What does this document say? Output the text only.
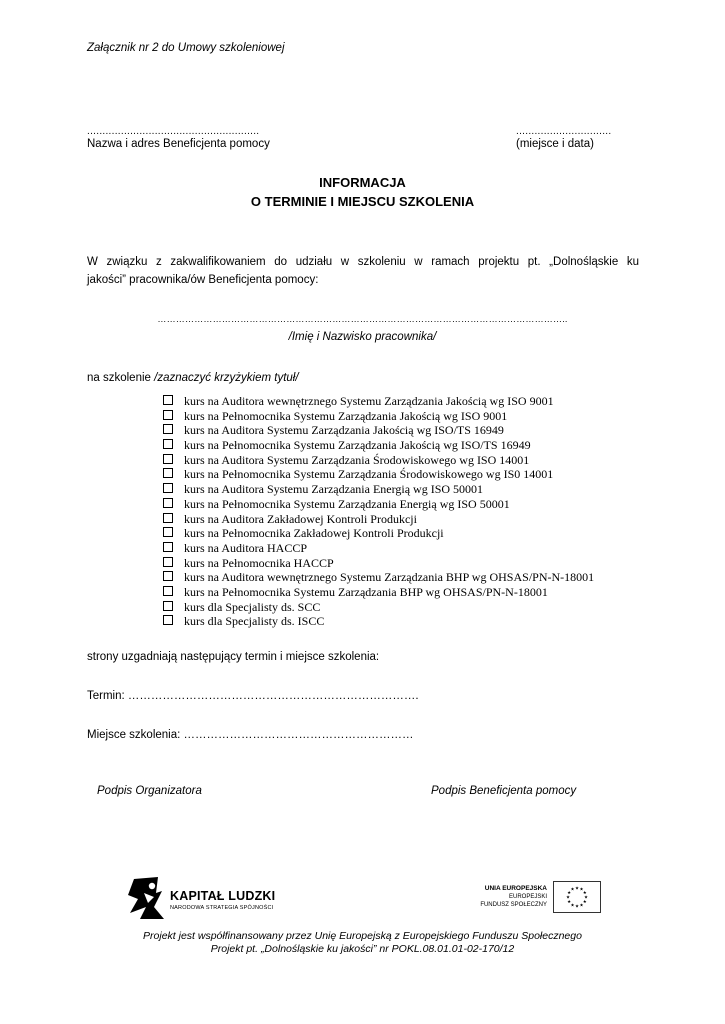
Załącznik nr 2 do Umowy szkoleniowej
........................................................	...............................
Nazwa i adres Beneficjenta pomocy	(miejsce i data)
INFORMACJA
O TERMINIE I MIEJSCU SZKOLENIA
W związku z zakwalifikowaniem do udziału w szkoleniu w ramach projektu pt. „Dolnośląskie ku
jakości” pracownika/ów Beneficjenta pomocy:
……………………………………………………………………………………………………………………..
/Imię i Nazwisko pracownika/
na szkolenie /zaznaczyć krzyżykiem tytuł/
kurs na Auditora wewnętrznego Systemu Zarządzania Jakością wg ISO 9001
kurs na Pełnomocnika Systemu Zarządzania Jakością wg ISO 9001
kurs na Auditora Systemu Zarządzania Jakością wg ISO/TS 16949
kurs na Pełnomocnika Systemu Zarządzania Jakością wg ISO/TS 16949
kurs na Auditora Systemu Zarządzania Środowiskowego wg ISO 14001
kurs na Pełnomocnika Systemu Zarządzania Środowiskowego wg IS0 14001
kurs na Auditora Systemu Zarządzania Energią wg ISO 50001
kurs na Pełnomocnika Systemu Zarządzania Energią wg ISO 50001
kurs na Auditora Zakładowej Kontroli Produkcji
kurs na Pełnomocnika Zakładowej Kontroli Produkcji
kurs na Auditora HACCP
kurs na Pełnomocnika HACCP
kurs na Auditora wewnętrznego Systemu Zarządzania BHP wg OHSAS/PN-N-18001
kurs na Pełnomocnika Systemu Zarządzania BHP wg OHSAS/PN-N-18001
kurs dla Specjalisty ds. SCC
kurs dla Specjalisty ds. ISCC
strony uzgadniają następujący termin i miejsce szkolenia:
Termin: ………………………………………………………………….
Miejsce szkolenia: ……………………………………………………
Podpis Organizatora	Podpis Beneficjenta pomocy
KAPITAŁ LUDZKI
NARODOWA STRATEGIA SPÓJNOŚCI
UNIA EUROPEJSKA
EUROPEJSKI
FUNDUSZ SPOŁECZNY
★
★
★
★
★
★
★
★
★ ★ ★
★
Projekt jest współfinansowany przez Unię Europejską z Europejskiego Funduszu Społecznego
Projekt pt. „Dolnośląskie ku jakości” nr POKL.08.01.01-02-170/12
